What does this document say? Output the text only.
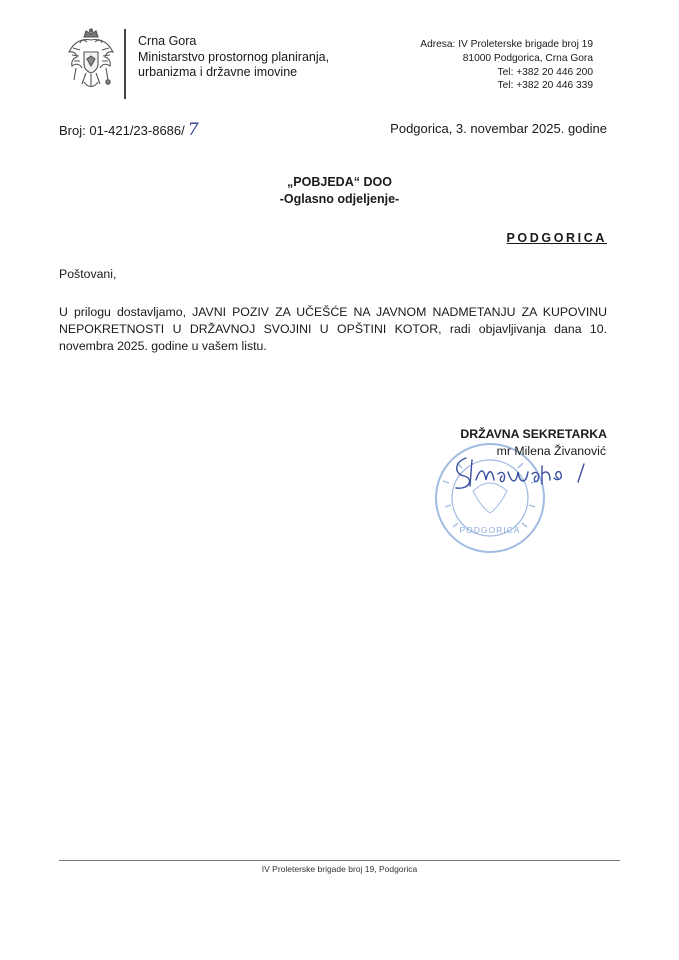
Crna Gora
Ministarstvo prostornog planiranja,
urbanizma i državne imovine
Adresa: IV Proleterske brigade broj 19
81000 Podgorica, Crna Gora
Tel: +382 20 446 200
Tel: +382 20 446 339
Broj: 01-421/23-8686/ 7	Podgorica, 3. novembar 2025. godine
„POBJEDA“ DOO
-Oglasno odjeljenje-
PODGORICA
Poštovani,
U prilogu dostavljamo, JAVNI POZIV ZA UČEŠĆE NA JAVNOM NADMETANJU ZA KUPOVINU NEPOKRETNOSTI U DRŽAVNOJ SVOJINI U OPŠTINI KOTOR, radi objavljivanja dana 10. novembra 2025. godine u vašem listu.
PODGORICA
DRŽAVNA SEKRETARKA
mr Milena Živanović
IV Proleterske brigade broj 19, Podgorica
